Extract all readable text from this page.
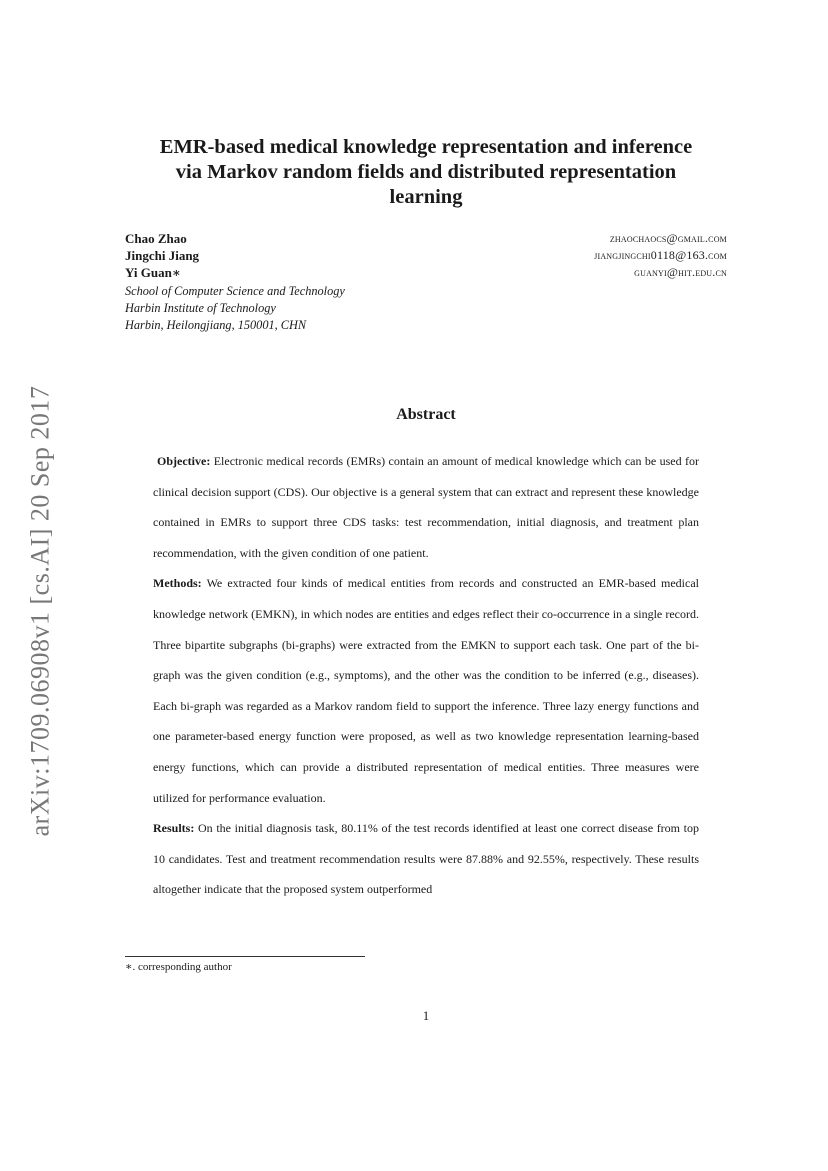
arXiv:1709.06908v1 [cs.AI] 20 Sep 2017
EMR-based medical knowledge representation and inference
via Markov random fields and distributed representation
learning
Chao Zhao	zhaochaocs@gmail.com
Jingchi Jiang	jiangjingchi0118@163.com
Yi Guan∗	guanyi@hit.edu.cn
School of Computer Science and Technology
Harbin Institute of Technology
Harbin, Heilongjiang, 150001, CHN
Abstract

Objective: Electronic medical records (EMRs) contain an amount of medical knowledge which can be used for clinical decision support (CDS). Our objective is a general system that can extract and represent these knowledge contained in EMRs to support three CDS tasks: test recommendation, initial diagnosis, and treatment plan recommendation, with the given condition of one patient.

Methods: We extracted four kinds of medical entities from records and constructed an EMR-based medical knowledge network (EMKN), in which nodes are entities and edges reflect their co-occurrence in a single record. Three bipartite subgraphs (bi-graphs) were extracted from the EMKN to support each task. One part of the bi-graph was the given condition (e.g., symptoms), and the other was the condition to be inferred (e.g., diseases). Each bi-graph was regarded as a Markov random field to support the inference. Three lazy energy functions and one parameter-based energy function were proposed, as well as two knowledge representation learning-based energy functions, which can provide a distributed representation of medical entities. Three measures were utilized for performance evaluation.

Results: On the initial diagnosis task, 80.11% of the test records identified at least one correct disease from top 10 candidates. Test and treatment recommendation results were 87.88% and 92.55%, respectively. These results altogether indicate that the proposed system outperformed

∗. corresponding author
1
